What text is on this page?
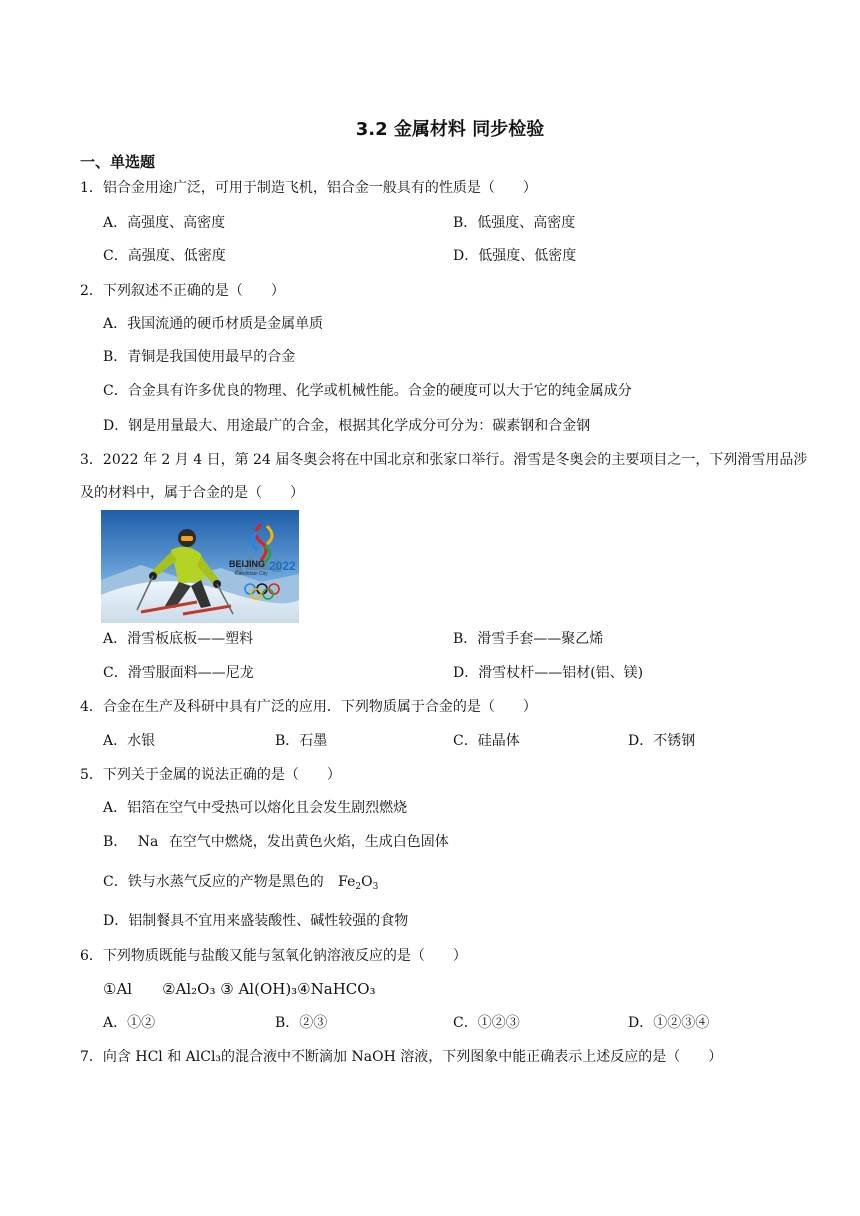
3.2 金属材料 同步检验
一、单选题
1．铝合金用途广泛，可用于制造飞机，铝合金一般具有的性质是（　　）
A．高强度、高密度	B．低强度、高密度
C．高强度、低密度	D．低强度、低密度
2．下列叙述不正确的是（　　）
A．我国流通的硬币材质是金属单质
B．青铜是我国使用最早的合金
C．合金具有许多优良的物理、化学或机械性能。合金的硬度可以大于它的纯金属成分
D．钢是用量最大、用途最广的合金，根据其化学成分可分为：碳素钢和合金钢
3．2022 年 2 月 4 日，第 24 届冬奥会将在中国北京和张家口举行。滑雪是冬奥会的主要项目之一，下列滑雪用品涉及的材料中，属于合金的是（　　）
BEIJING 2022
Candidate City
A．滑雪板底板——塑料	B．滑雪手套——聚乙烯
C．滑雪服面料——尼龙	D．滑雪杖杆——铝材(铝、镁)
4．合金在生产及科研中具有广泛的应用．下列物质属于合金的是（　　）
A．水银	B．石墨	C．硅晶体	D．不锈钢
5．下列关于金属的说法正确的是（　　）
A．铝箔在空气中受热可以熔化且会发生剧烈燃烧
B． Na 在空气中燃烧，发出黄色火焰，生成白色固体
C．铁与水蒸气反应的产物是黑色的 $Fe_2O_3$
D．铝制餐具不宜用来盛装酸性、碱性较强的食物
6．下列物质既能与盐酸又能与氢氧化钠溶液反应的是（　　）
①Al　　②Al₂O₃ ③ Al(OH)₃④NaHCO₃
A．①②	B．②③	C．①②③	D．①②③④
7．向含 HCl 和 AlCl₃的混合液中不断滴加 NaOH 溶液，下列图象中能正确表示上述反应的是（　　）
